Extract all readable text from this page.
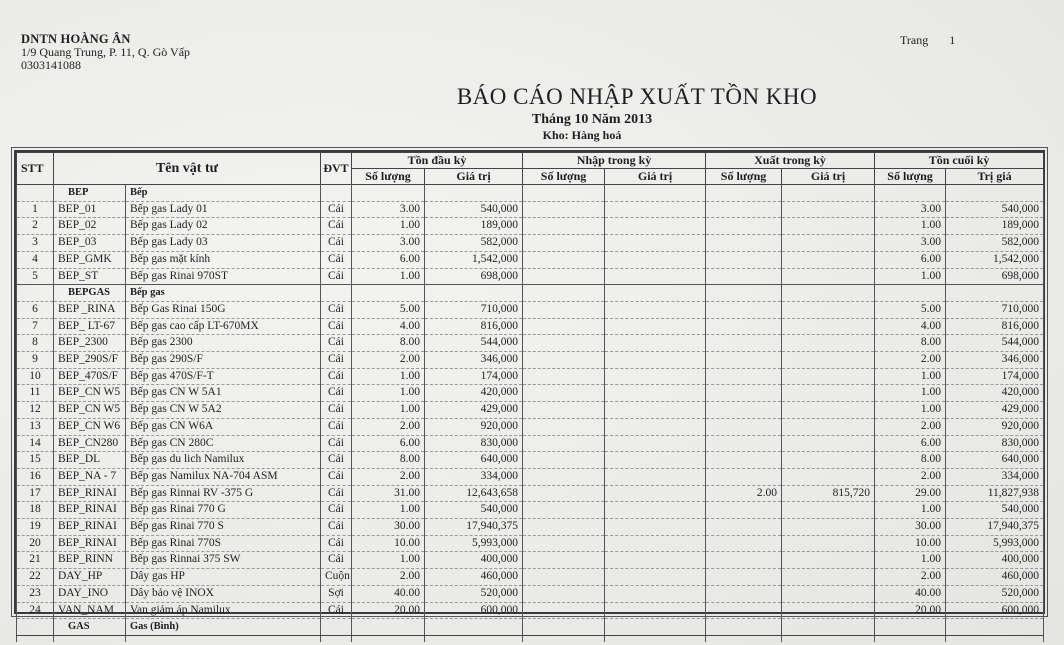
DNTN HOÀNG ÂN
1/9 Quang Trung, P. 11, Q. Gò Vấp
0303141088
Trang 1
BÁO CÁO NHẬP XUẤT TỒN KHO
Tháng 10 Năm 2013
Kho: Hàng hoá
STT	Tên vật tư		ĐVT	Tồn đầu kỳ		Nhập trong kỳ		Xuất trong kỳ		Tồn cuối kỳ	
				Số lượng	Giá trị	Số lượng	Giá trị	Số lượng	Giá trị	Số lượng	Trị giá
	BEP	Bếp									
1	BEP_01	Bếp gas Lady 01	Cái	3.00	540,000					3.00	540,000
2	BEP_02	Bếp gas Lady 02	Cái	1.00	189,000					1.00	189,000
3	BEP_03	Bếp gas Lady 03	Cái	3.00	582,000					3.00	582,000
4	BEP_GMK	Bếp gas mặt kính	Cái	6.00	1,542,000					6.00	1,542,000
5	BEP_ST	Bếp gas Rinai 970ST	Cái	1.00	698,000					1.00	698,000
	BEPGAS	Bếp gas									
6	BEP _RINA	Bếp Gas Rinai 150G	Cái	5.00	710,000					5.00	710,000
7	BEP_ LT-67	Bếp gas cao cấp LT-670MX	Cái	4.00	816,000					4.00	816,000
8	BEP_2300	Bếp gas 2300	Cái	8.00	544,000					8.00	544,000
9	BEP_290S/F	Bếp gas 290S/F	Cái	2.00	346,000					2.00	346,000
10	BEP_470S/F	Bếp gas 470S/F-T	Cái	1.00	174,000					1.00	174,000
11	BEP_CN W5	Bếp gas CN W 5A1	Cái	1.00	420,000					1.00	420,000
12	BEP_CN W5	Bếp gas CN W 5A2	Cái	1.00	429,000					1.00	429,000
13	BEP_CN W6	Bếp gas CN W6A	Cái	2.00	920,000					2.00	920,000
14	BEP_CN280	Bếp gas CN 280C	Cái	6.00	830,000					6.00	830,000
15	BEP_DL	Bếp gas du lich Namilux	Cái	8.00	640,000					8.00	640,000
16	BEP_NA - 7	Bếp gas Namilux NA-704 ASM	Cái	2.00	334,000					2.00	334,000
17	BEP_RINAI	Bếp gas Rinnai RV -375 G	Cái	31.00	12,643,658			2.00	815,720	29.00	11,827,938
18	BEP_RINAI	Bếp gas Rinai 770 G	Cái	1.00	540,000					1.00	540,000
19	BEP_RINAI	Bếp gas Rinai 770 S	Cái	30.00	17,940,375					30.00	17,940,375
20	BEP_RINAI	Bếp gas Rinai 770S	Cái	10.00	5,993,000					10.00	5,993,000
21	BEP_RINN	Bếp gas Rinnai 375 SW	Cái	1.00	400,000					1.00	400,000
22	DAY_HP	Dây gas HP	Cuộn	2.00	460,000					2.00	460,000
23	DAY_INO	Dây bảo vệ INOX	Sợi	40.00	520,000					40.00	520,000
24	VAN_NAM	Van giảm áp Namilux	Cái	20.00	600,000					20.00	600,000
	GAS	Gas (Bình)									
